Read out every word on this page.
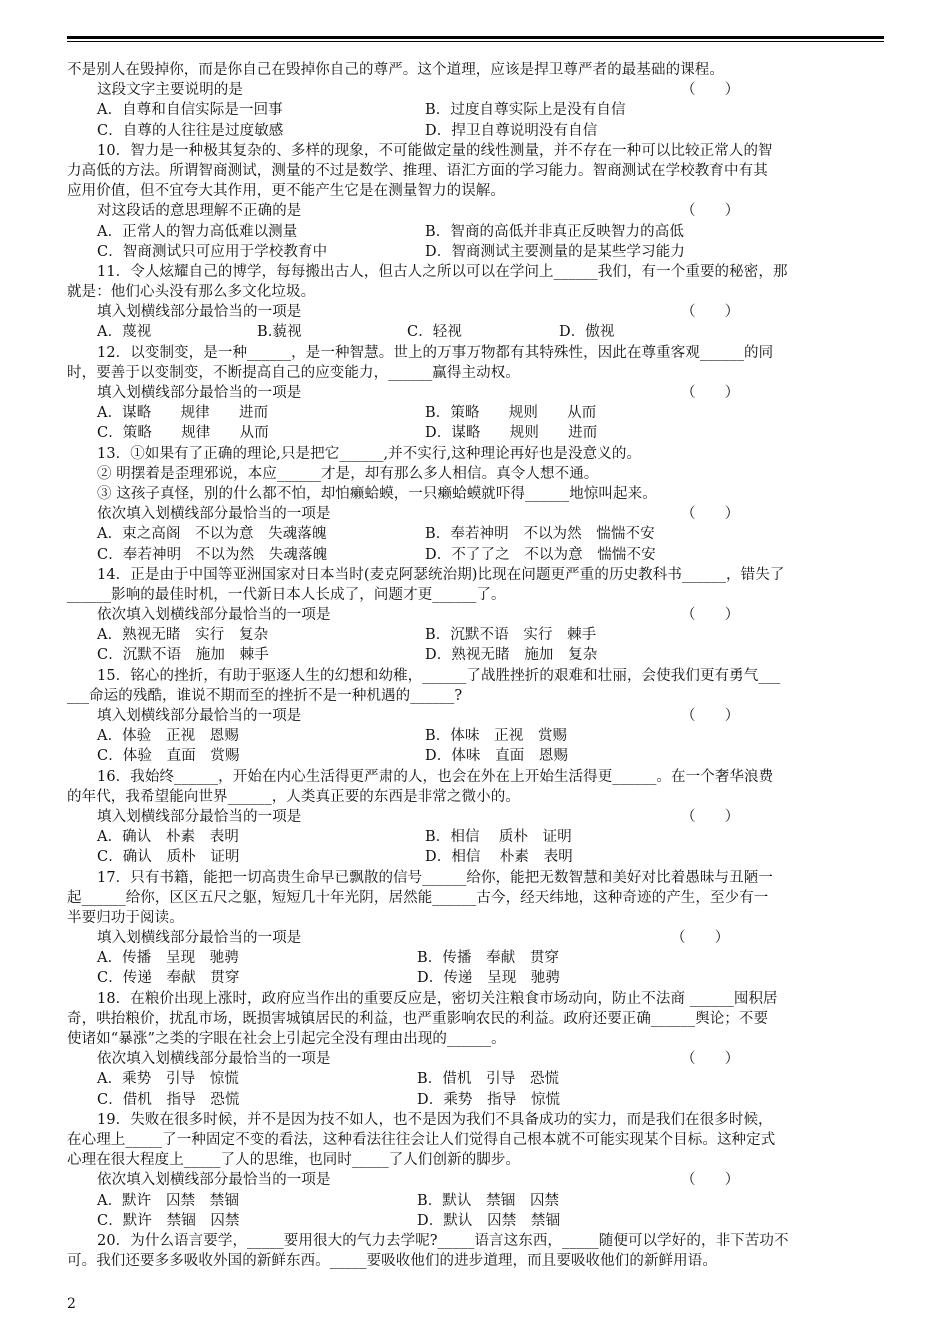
不是别人在毁掉你，而是你自己在毁掉你自己的尊严。这个道理，应该是捍卫尊严者的最基础的课程。
这段文字主要说明的是	（　　）
A．自尊和自信实际是一回事	B．过度自尊实际上是没有自信
C．自尊的人往往是过度敏感	D．捍卫自尊说明没有自信
10．智力是一种极其复杂的、多样的现象，不可能做定量的线性测量，并不存在一种可以比较正常人的智
力高低的方法。所谓智商测试，测量的不过是数学、推理、语汇方面的学习能力。智商测试在学校教育中有其
应用价值，但不宜夸大其作用，更不能产生它是在测量智力的误解。
对这段话的意思理解不正确的是	（　　）
A．正常人的智力高低难以测量	B．智商的高低并非真正反映智力的高低
C．智商测试只可应用于学校教育中	D．智商测试主要测量的是某些学习能力
11．令人炫耀自己的博学，每每搬出古人，但古人之所以可以在学问上______我们，有一个重要的秘密，那
就是：他们心头没有那么多文化垃圾。
填入划横线部分最恰当的一项是	（　　）
A．蔑视	B.藐视	C．轻视	D．傲视
12．以变制变，是一种______，是一种智慧。世上的万事万物都有其特殊性，因此在尊重客观______的同
时，要善于以变制变，不断提高自己的应变能力，______赢得主动权。
填入划横线部分最恰当的一项是	（　　）
A．谋略　　规律　　进而	B．策略　　规则　　从而
C．策略　　规律　　从而	D．谋略　　规则　　进而
13．①如果有了正确的理论,只是把它______,并不实行,这种理论再好也是没意义的。
② 明摆着是歪理邪说，本应______才是，却有那么多人相信。真令人想不通。
③ 这孩子真怪，别的什么都不怕，却怕癞蛤蟆，一只癞蛤蟆就吓得______地惊叫起来。
依次填入划横线部分最恰当的一项是	（　　）
A．束之高阁　不以为意　失魂落魄	B．奉若神明　不以为然　惴惴不安
C．奉若神明　不以为然　失魂落魄	D．不了了之　不以为意　惴惴不安
14．正是由于中国等亚洲国家对日本当时(麦克阿瑟统治期)比现在问题更严重的历史教科书______，错失了
______影响的最佳时机，一代新日本人长成了，问题才更______了。
依次填入划横线部分最恰当的一项是	（　　）
A．熟视无睹　实行　复杂	B．沉默不语　实行　棘手
C．沉默不语　施加　棘手	D．熟视无睹　施加　复杂
15．铭心的挫折，有助于驱逐人生的幻想和幼稚，______了战胜挫折的艰难和壮丽，会使我们更有勇气___
___命运的残酷，谁说不期而至的挫折不是一种机遇的______?
填入划横线部分最恰当的一项是	（　　）
A．体验　正视　恩赐	B．体味　正视　赏赐
C．体验　直面　赏赐	D．体味　直面　恩赐
16．我始终______，开始在内心生活得更严肃的人，也会在外在上开始生活得更______。在一个奢华浪费
的年代，我希望能向世界______，人类真正要的东西是非常之微小的。
填入划横线部分最恰当的一项是	（　　）
A．确认　朴素　表明	B．相信　 质朴　证明
C．确认　质朴　证明	D．相信　 朴素　表明
17．只有书籍，能把一切高贵生命早已飘散的信号______给你，能把无数智慧和美好对比着愚昧与丑陋一
起______给你，区区五尺之躯，短短几十年光阴，居然能______古今，经天纬地，这种奇迹的产生，至少有一
半要归功于阅读。
填入划横线部分最恰当的一项是	（　　）
A．传播　呈现　驰骋	B．传播　奉献　贯穿
C．传递　奉献　贯穿	D．传递　呈现　驰骋
18．在粮价出现上涨时，政府应当作出的重要反应是，密切关注粮食市场动向，防止不法商 ______囤积居
奇，哄抬粮价，扰乱市场，既损害城镇居民的利益，也严重影响农民的利益。政府还要正确______舆论；不要
使诸如“暴涨”之类的字眼在社会上引起完全没有理由出现的______。
依次填入划横线部分最恰当的一项是	（　　）
A．乘势　引导　惊慌	B．借机　引导　恐慌
C．借机　指导　恐慌	D．乘势　指导　惊慌
19．失败在很多时候，并不是因为技不如人，也不是因为我们不具备成功的实力，而是我们在很多时候，
在心理上_____了一种固定不变的看法，这种看法往往会让人们觉得自己根本就不可能实现某个目标。这种定式
心理在很大程度上_____了人的思维，也同时_____了人们创新的脚步。
依次填入划横线部分最恰当的一项是	（　　）
A．默许　囚禁　禁锢	B．默认　禁锢　囚禁
C．默许　禁锢　囚禁	D．默认　囚禁　禁锢
20．为什么语言要学，_____要用很大的气力去学呢?_____语言这东西，_____随便可以学好的，非下苦功不
可。我们还要多多吸收外国的新鲜东西。_____要吸收他们的进步道理，而且要吸收他们的新鲜用语。
2
